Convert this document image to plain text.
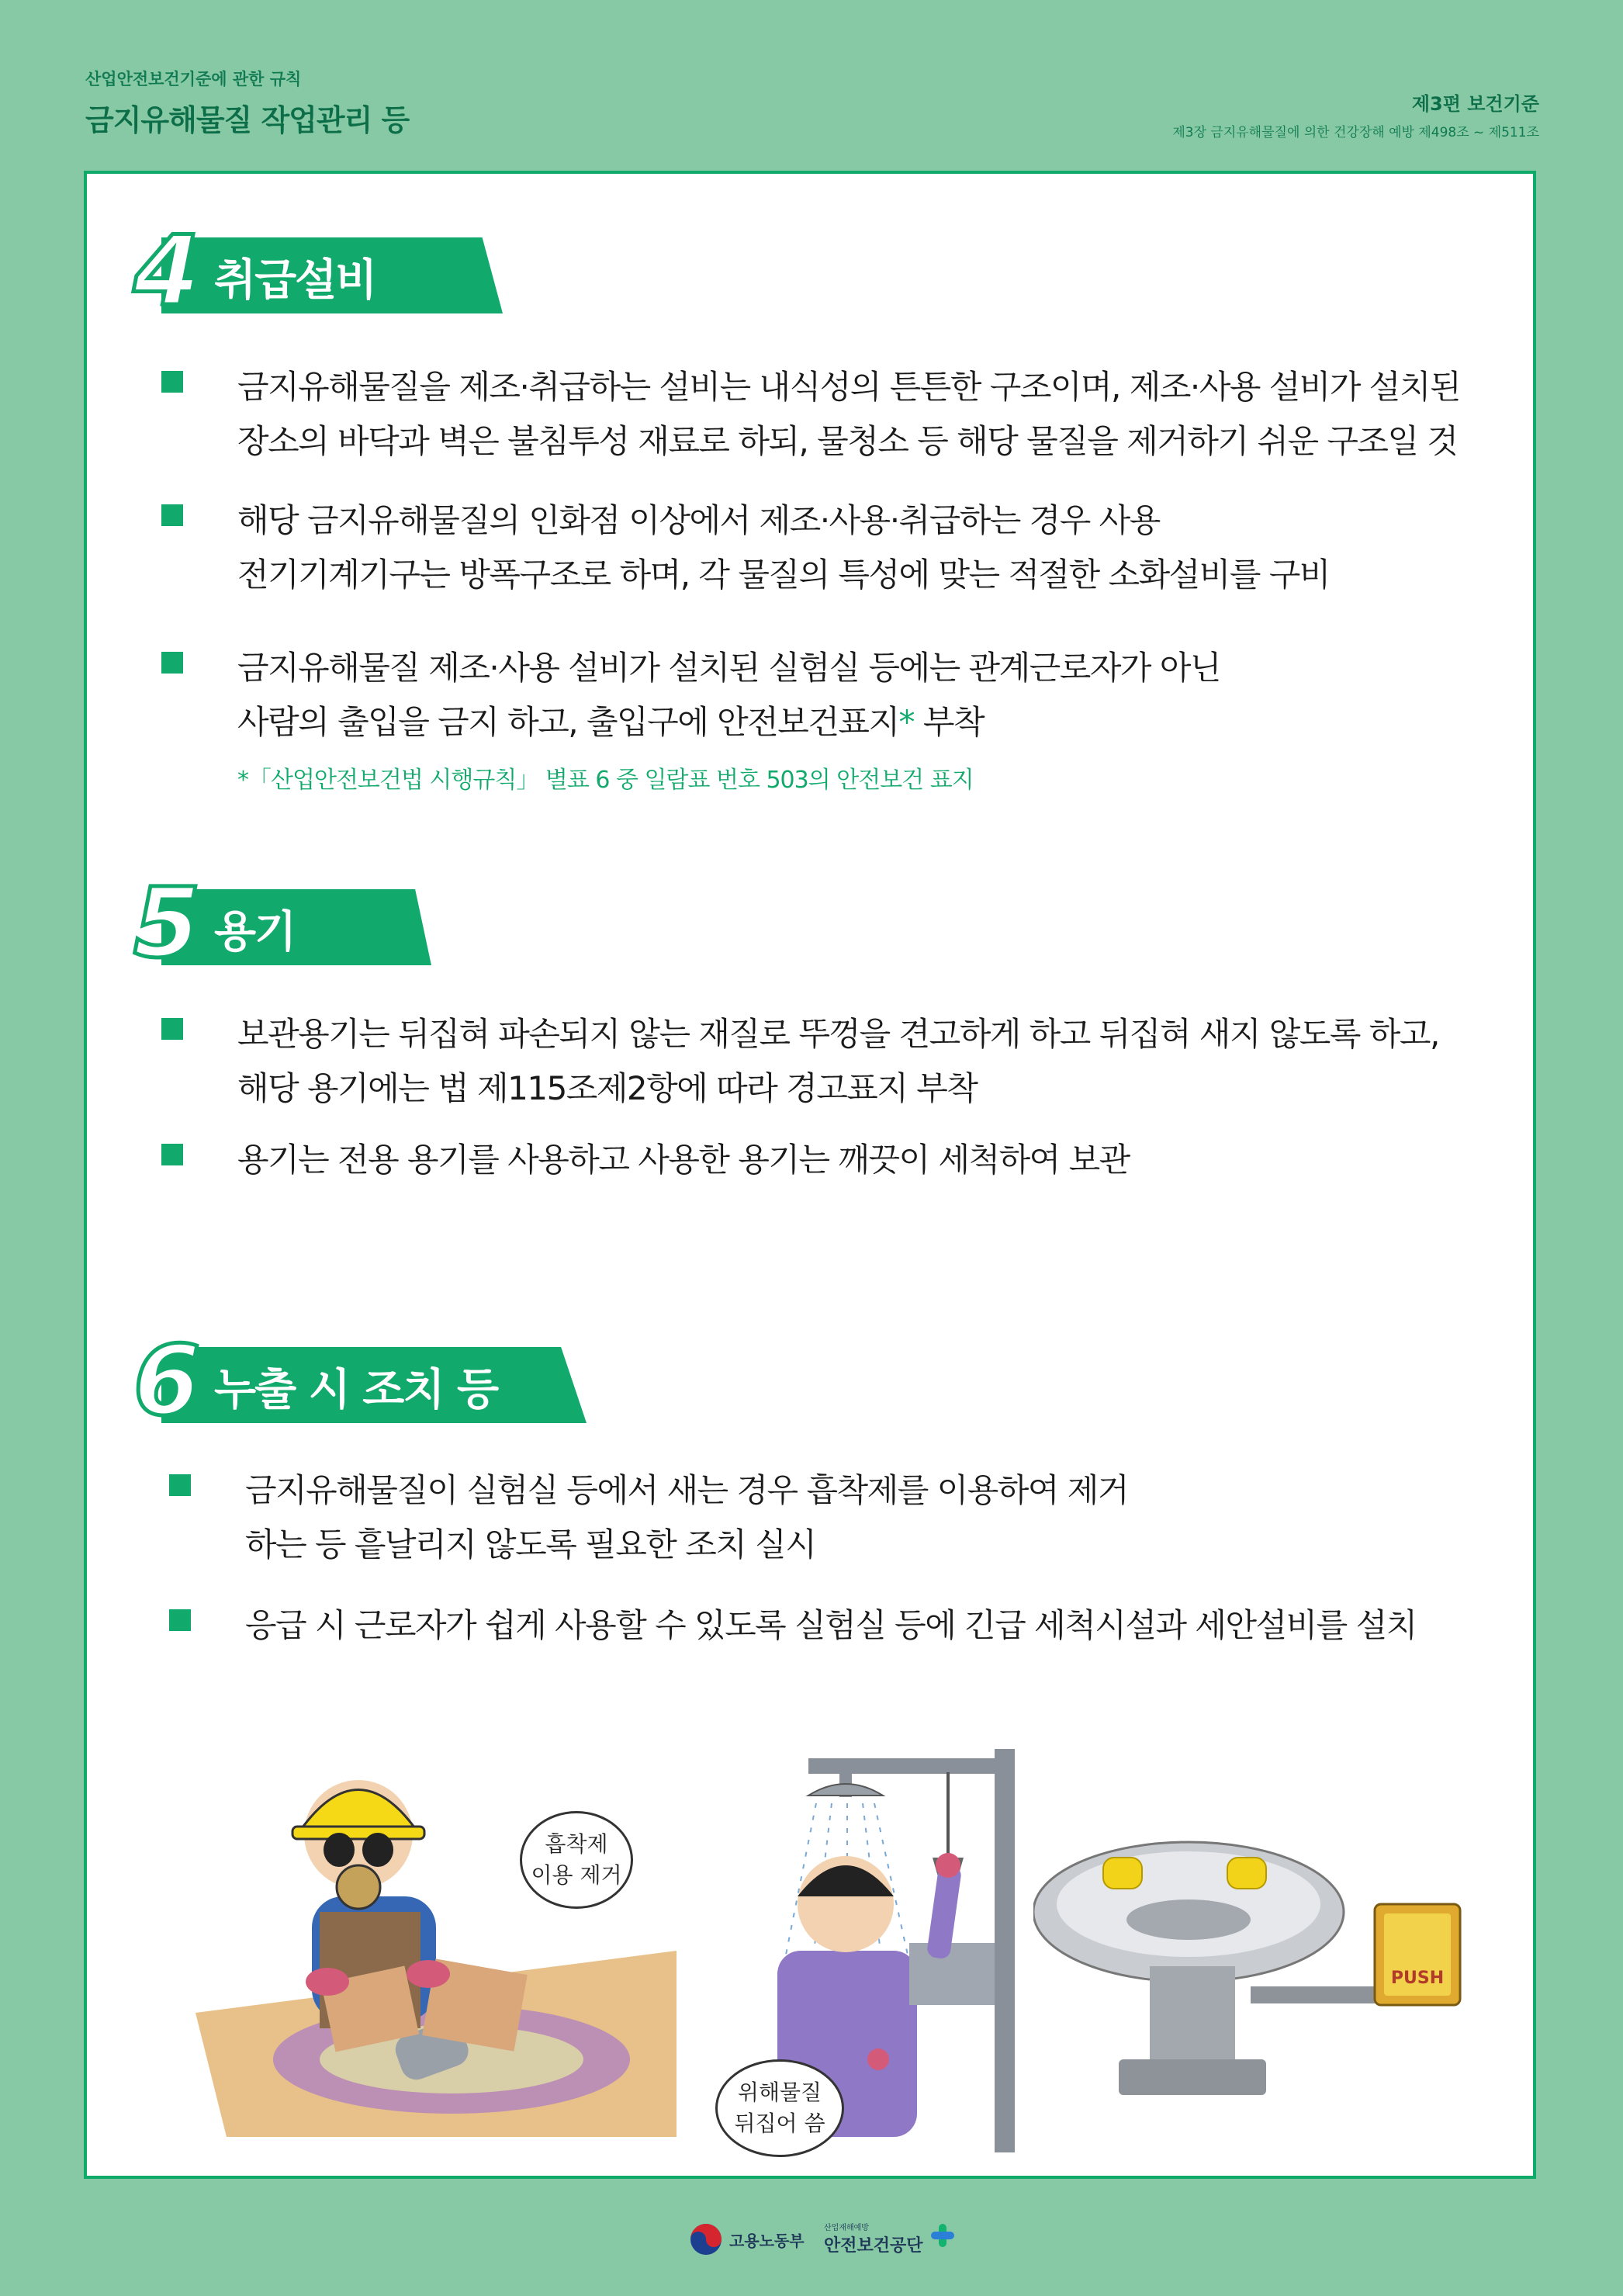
산업안전보건기준에 관한 규칙
금지유해물질 작업관리 등	제3편 보건기준
제3장 금지유해물질에 의한 건강장해 예방 제498조 ~ 제511조
4 취급설비
금지유해물질을 제조·취급하는 설비는 내식성의 튼튼한 구조이며, 제조·사용 설비가 설치된
장소의 바닥과 벽은 불침투성 재료로 하되, 물청소 등 해당 물질을 제거하기 쉬운 구조일 것
해당 금지유해물질의 인화점 이상에서 제조·사용·취급하는 경우 사용
전기기계기구는 방폭구조로 하며, 각 물질의 특성에 맞는 적절한 소화설비를 구비
금지유해물질 제조·사용 설비가 설치된 실험실 등에는 관계근로자가 아닌
사람의 출입을 금지 하고, 출입구에 안전보건표지* 부착
*「산업안전보건법 시행규칙」 별표 6 중 일람표 번호 503의 안전보건 표지
5 용기
보관용기는 뒤집혀 파손되지 않는 재질로 뚜껑을 견고하게 하고 뒤집혀 새지 않도록 하고,
해당 용기에는 법 제115조제2항에 따라 경고표지 부착
용기는 전용 용기를 사용하고 사용한 용기는 깨끗이 세척하여 보관
6 누출 시 조치 등
금지유해물질이 실험실 등에서 새는 경우 흡착제를 이용하여 제거
하는 등 흩날리지 않도록 필요한 조치 실시
응급 시 근로자가 쉽게 사용할 수 있도록 실험실 등에 긴급 세척시설과 세안설비를 설치
흡착제
이용 제거
위해물질
뒤집어 씀
PUSH
고용노동부
산업재해예방
안전보건공단
